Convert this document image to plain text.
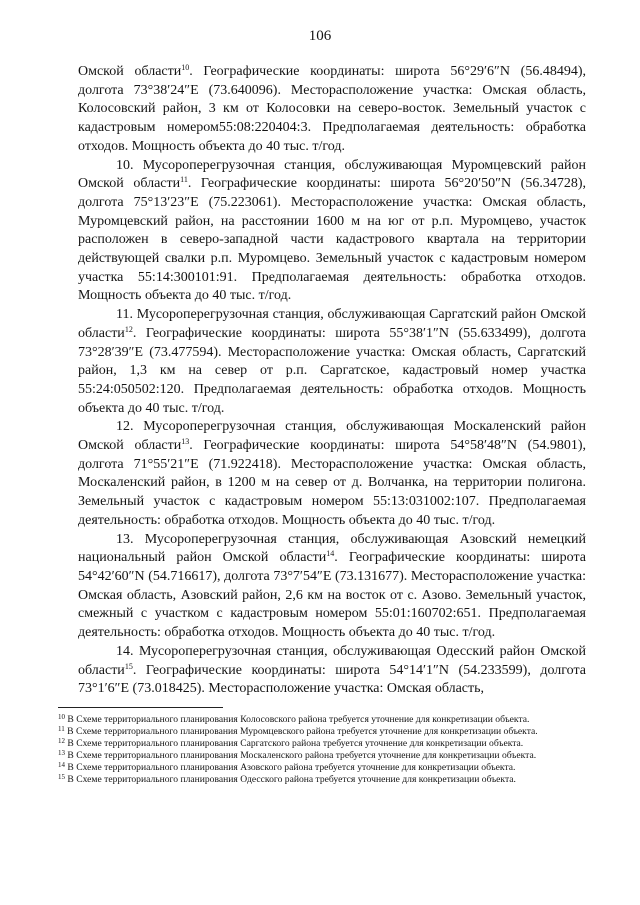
106

Омской области$^{10}$. Географические координаты: широта 56°29′6″N (56.48494), долгота 73°38′24″E (73.640096). Месторасположение участка: Омская область, Колосовский район, 3 км от Колосовки на северо-восток. Земельный участок с кадастровым номером55:08:220404:3. Предполагаемая деятельность: обработка отходов. Мощность объекта до 40 тыс. т/год.

10. Мусороперегрузочная станция, обслуживающая Муромцевский район Омской области$^{11}$. Географические координаты: широта 56°20′50″N (56.34728), долгота 75°13′23″E (75.223061). Месторасположение участка: Омская область, Муромцевский район, на расстоянии 1600 м на юг от р.п. Муромцево, участок расположен в северо-западной части кадастрового квартала на территории действующей свалки р.п. Муромцево. Земельный участок с кадастровым номером участка 55:14:300101:91. Предполагаемая деятельность: обработка отходов. Мощность объекта до 40 тыс. т/год.

11. Мусороперегрузочная станция, обслуживающая Саргатский район Омской области$^{12}$. Географические координаты: широта 55°38′1″N (55.633499), долгота 73°28′39″E (73.477594). Месторасположение участка: Омская область, Саргатский район, 1,3 км на север от р.п. Саргатское, кадастровый номер участка 55:24:050502:120. Предполагаемая деятельность: обработка отходов. Мощность объекта до 40 тыс. т/год.

12. Мусороперегрузочная станция, обслуживающая Москаленский район Омской области$^{13}$. Географические координаты: широта 54°58′48″N (54.9801), долгота 71°55′21″E (71.922418). Месторасположение участка: Омская область, Москаленский район, в 1200 м на север от д. Волчанка, на территории полигона. Земельный участок с кадастровым номером 55:13:031002:107. Предполагаемая деятельность: обработка отходов. Мощность объекта до 40 тыс. т/год.

13. Мусороперегрузочная станция, обслуживающая Азовский немецкий национальный район Омской области$^{14}$. Географические координаты: широта 54°42′60″N (54.716617), долгота 73°7′54″E (73.131677). Месторасположение участка: Омская область, Азовский район, 2,6 км на восток от с. Азово. Земельный участок, смежный с участком с кадастровым номером 55:01:160702:651. Предполагаемая деятельность: обработка отходов. Мощность объекта до 40 тыс. т/год.

14. Мусороперегрузочная станция, обслуживающая Одесский район Омской области$^{15}$. Географические координаты: широта 54°14′1″N (54.233599), долгота 73°1′6″E (73.018425). Месторасположение участка: Омская область,

$^{10}$ В Схеме территориального планирования Колосовского района требуется уточнение для конкретизации объекта.

$^{11}$ В Схеме территориального планирования Муромцевского района требуется уточнение для конкретизации объекта.

$^{12}$ В Схеме территориального планирования Саргатского района требуется уточнение для конкретизации объекта.

$^{13}$ В Схеме территориального планирования Москаленского района требуется уточнение для конкретизации объекта.

$^{14}$ В Схеме территориального планирования Азовского района требуется уточнение для конкретизации объекта.

$^{15}$ В Схеме территориального планирования Одесского района требуется уточнение для конкретизации объекта.
